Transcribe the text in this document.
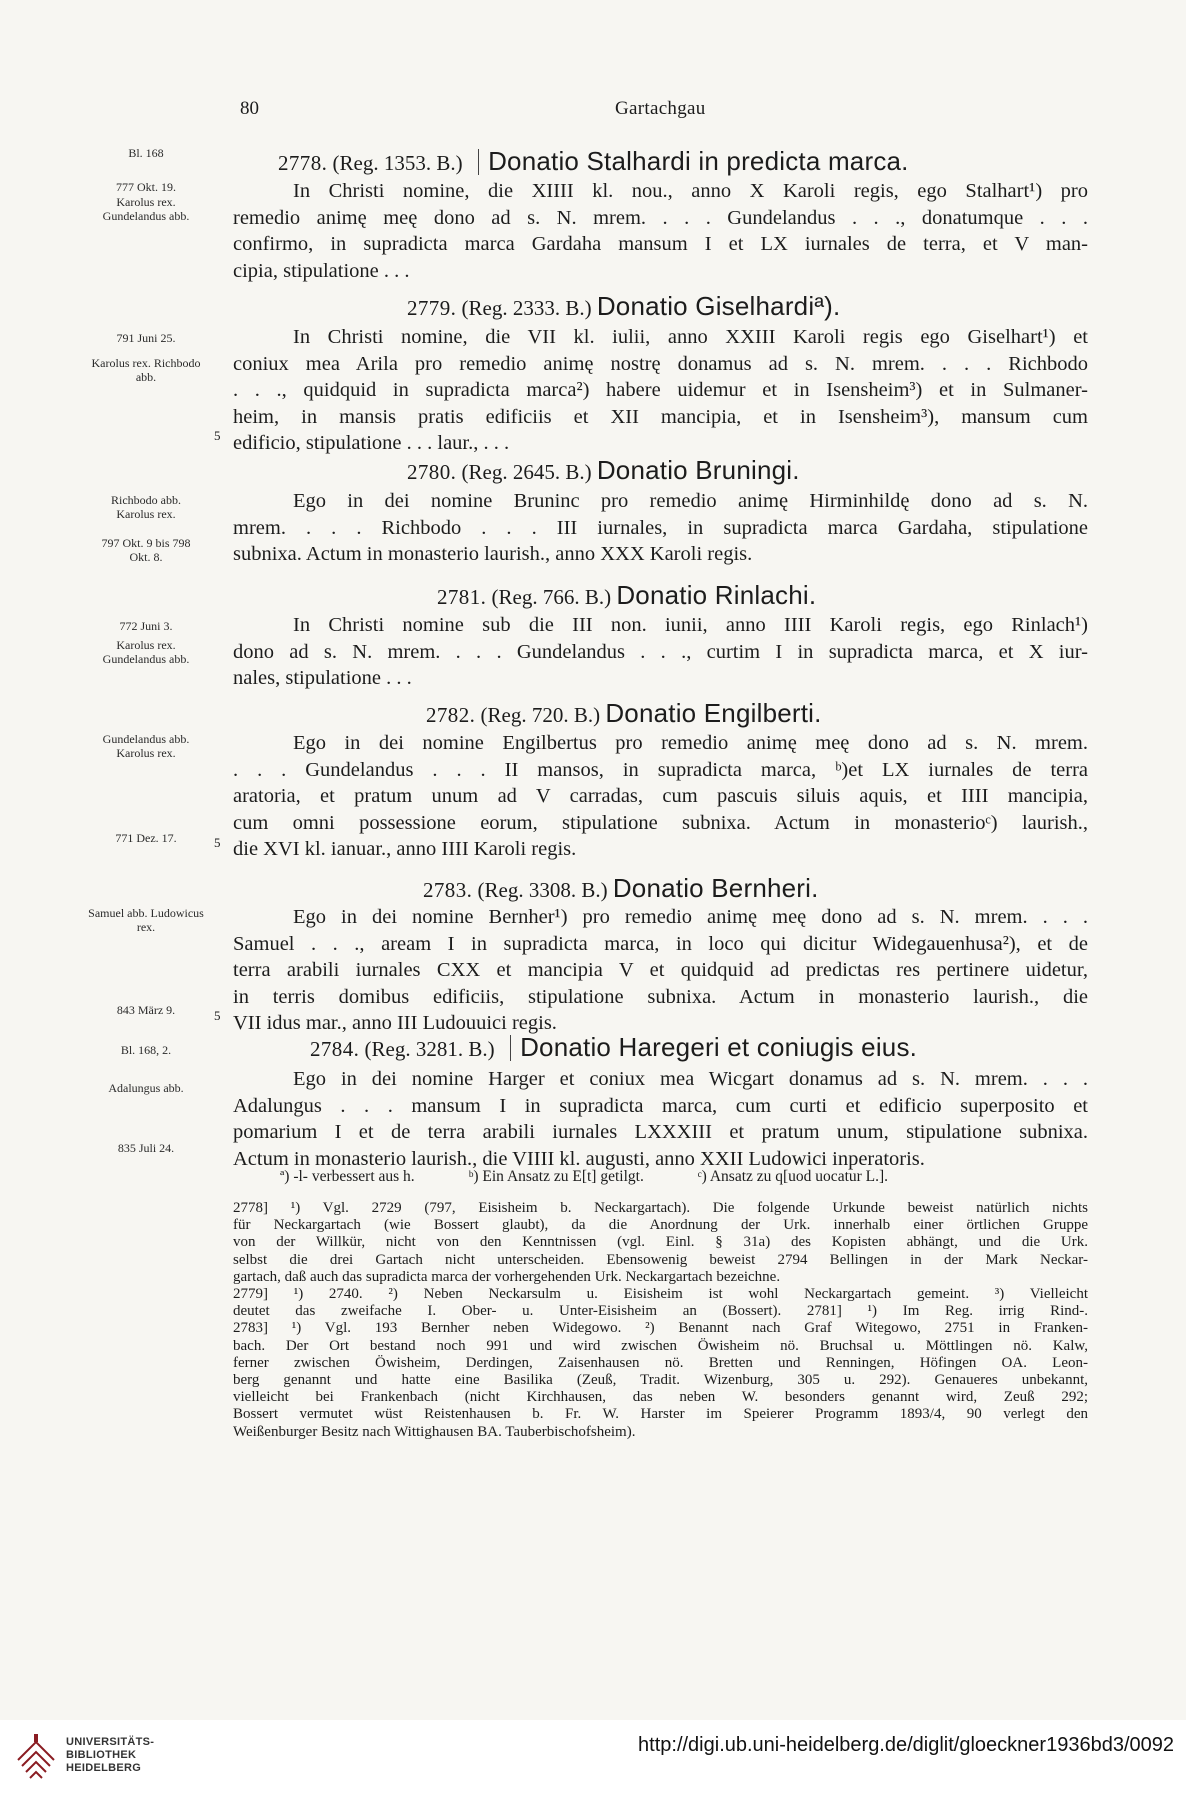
80	Gartachgau
Bl. 168
777 Okt. 19.
Karolus rex. Gundelandus abb.
2778. (Reg. 1353. B.) Donatio Stalhardi in predicta marca.
In Christi nomine, die XIIII kl. nou., anno X Karoli regis, ego Stalhart¹) pro
remedio animę meę dono ad s. N. mrem. . . . Gundelandus . . ., donatumque . . .
confirmo, in supradicta marca Gardaha mansum I et LX iurnales de terra, et V man-
cipia, stipulatione . . .
791 Juni 25.
Karolus rex. Richbodo abb.
2779. (Reg. 2333. B.) Donatio Giselhardiª).
In Christi nomine, die VII kl. iulii, anno XXIII Karoli regis ego Giselhart¹) et
coniux mea Arila pro remedio animę nostrę donamus ad s. N. mrem. . . . Richbodo
. . ., quidquid in supradicta marca²) habere uidemur et in Isensheim³) et in Sulmaner-
heim, in mansis pratis edificiis et XII mancipia, et in Isensheim³), mansum cum
edificio, stipulatione . . . laur., . . .
5
Richbodo abb. Karolus rex.
797 Okt. 9 bis 798 Okt. 8.
2780. (Reg. 2645. B.) Donatio Bruningi.
Ego in dei nomine Bruninc pro remedio animę Hirminhildę dono ad s. N.
mrem. . . . Richbodo . . . III iurnales, in supradicta marca Gardaha, stipulatione
subnixa. Actum in monasterio laurish., anno XXX Karoli regis.
772 Juni 3.
Karolus rex. Gundelandus abb.
2781. (Reg. 766. B.) Donatio Rinlachi.
In Christi nomine sub die III non. iunii, anno IIII Karoli regis, ego Rinlach¹)
dono ad s. N. mrem. . . . Gundelandus . . ., curtim I in supradicta marca, et X iur-
nales, stipulatione . . .
Gundelandus abb. Karolus rex.
771 Dez. 17.
2782. (Reg. 720. B.) Donatio Engilberti.
Ego in dei nomine Engilbertus pro remedio animę meę dono ad s. N. mrem.
. . . Gundelandus . . . II mansos, in supradicta marca, ᵇ)et LX iurnales de terra
aratoria, et pratum unum ad V carradas, cum pascuis siluis aquis, et IIII mancipia,
cum omni possessione eorum, stipulatione subnixa. Actum in monasterioᶜ) laurish.,
die XVI kl. ianuar., anno IIII Karoli regis.
5
Samuel abb. Ludowicus rex.
843 März 9.
2783. (Reg. 3308. B.) Donatio Bernheri.
Ego in dei nomine Bernher¹) pro remedio animę meę dono ad s. N. mrem. . . .
Samuel . . ., aream I in supradicta marca, in loco qui dicitur Widegauenhusa²), et de
terra arabili iurnales CXX et mancipia V et quidquid ad predictas res pertinere uidetur,
in terris domibus edificiis, stipulatione subnixa. Actum in monasterio laurish., die
VII idus mar., anno III Ludouuici regis.
5
Bl. 168, 2.
Adalungus abb.
835 Juli 24.
2784. (Reg. 3281. B.) Donatio Haregeri et coniugis eius.
Ego in dei nomine Harger et coniux mea Wicgart donamus ad s. N. mrem. . . .
Adalungus . . . mansum I in supradicta marca, cum curti et edificio superposito et
pomarium I et de terra arabili iurnales LXXXIII et pratum unum, stipulatione subnixa.
Actum in monasterio laurish., die VIIII kl. augusti, anno XXII Ludowici inperatoris.
ª) -l- verbessert aus h.	ᵇ) Ein Ansatz zu E[t] getilgt.	ᶜ) Ansatz zu q[uod uocatur L.].
2778] ¹) Vgl. 2729 (797, Eisisheim b. Neckargartach). Die folgende Urkunde beweist natürlich nichts
für Neckargartach (wie Bossert glaubt), da die Anordnung der Urk. innerhalb einer örtlichen Gruppe
von der Willkür, nicht von den Kenntnissen (vgl. Einl. § 31a) des Kopisten abhängt, und die Urk.
selbst die drei Gartach nicht unterscheiden. Ebensowenig beweist 2794 Bellingen in der Mark Neckar-
gartach, daß auch das supradicta marca der vorhergehenden Urk. Neckargartach bezeichne.
2779] ¹) 2740. ²) Neben Neckarsulm u. Eisisheim ist wohl Neckargartach gemeint. ³) Vielleicht
deutet das zweifache I. Ober- u. Unter-Eisisheim an (Bossert). 2781] ¹) Im Reg. irrig Rind-.
2783] ¹) Vgl. 193 Bernher neben Widegowo. ²) Benannt nach Graf Witegowo, 2751 in Franken-
bach. Der Ort bestand noch 991 und wird zwischen Öwisheim nö. Bruchsal u. Möttlingen nö. Kalw,
ferner zwischen Öwisheim, Derdingen, Zaisenhausen nö. Bretten und Renningen, Höfingen OA. Leon-
berg genannt und hatte eine Basilika (Zeuß, Tradit. Wizenburg, 305 u. 292). Genaueres unbekannt,
vielleicht bei Frankenbach (nicht Kirchhausen, das neben W. besonders genannt wird, Zeuß 292;
Bossert vermutet wüst Reistenhausen b. Fr. W. Harster im Speierer Programm 1893/4, 90 verlegt den
Weißenburger Besitz nach Wittighausen BA. Tauberbischofsheim).
UNIVERSITÄTS-
BIBLIOTHEK
HEIDELBERG
http://digi.ub.uni-heidelberg.de/diglit/gloeckner1936bd3/0092
